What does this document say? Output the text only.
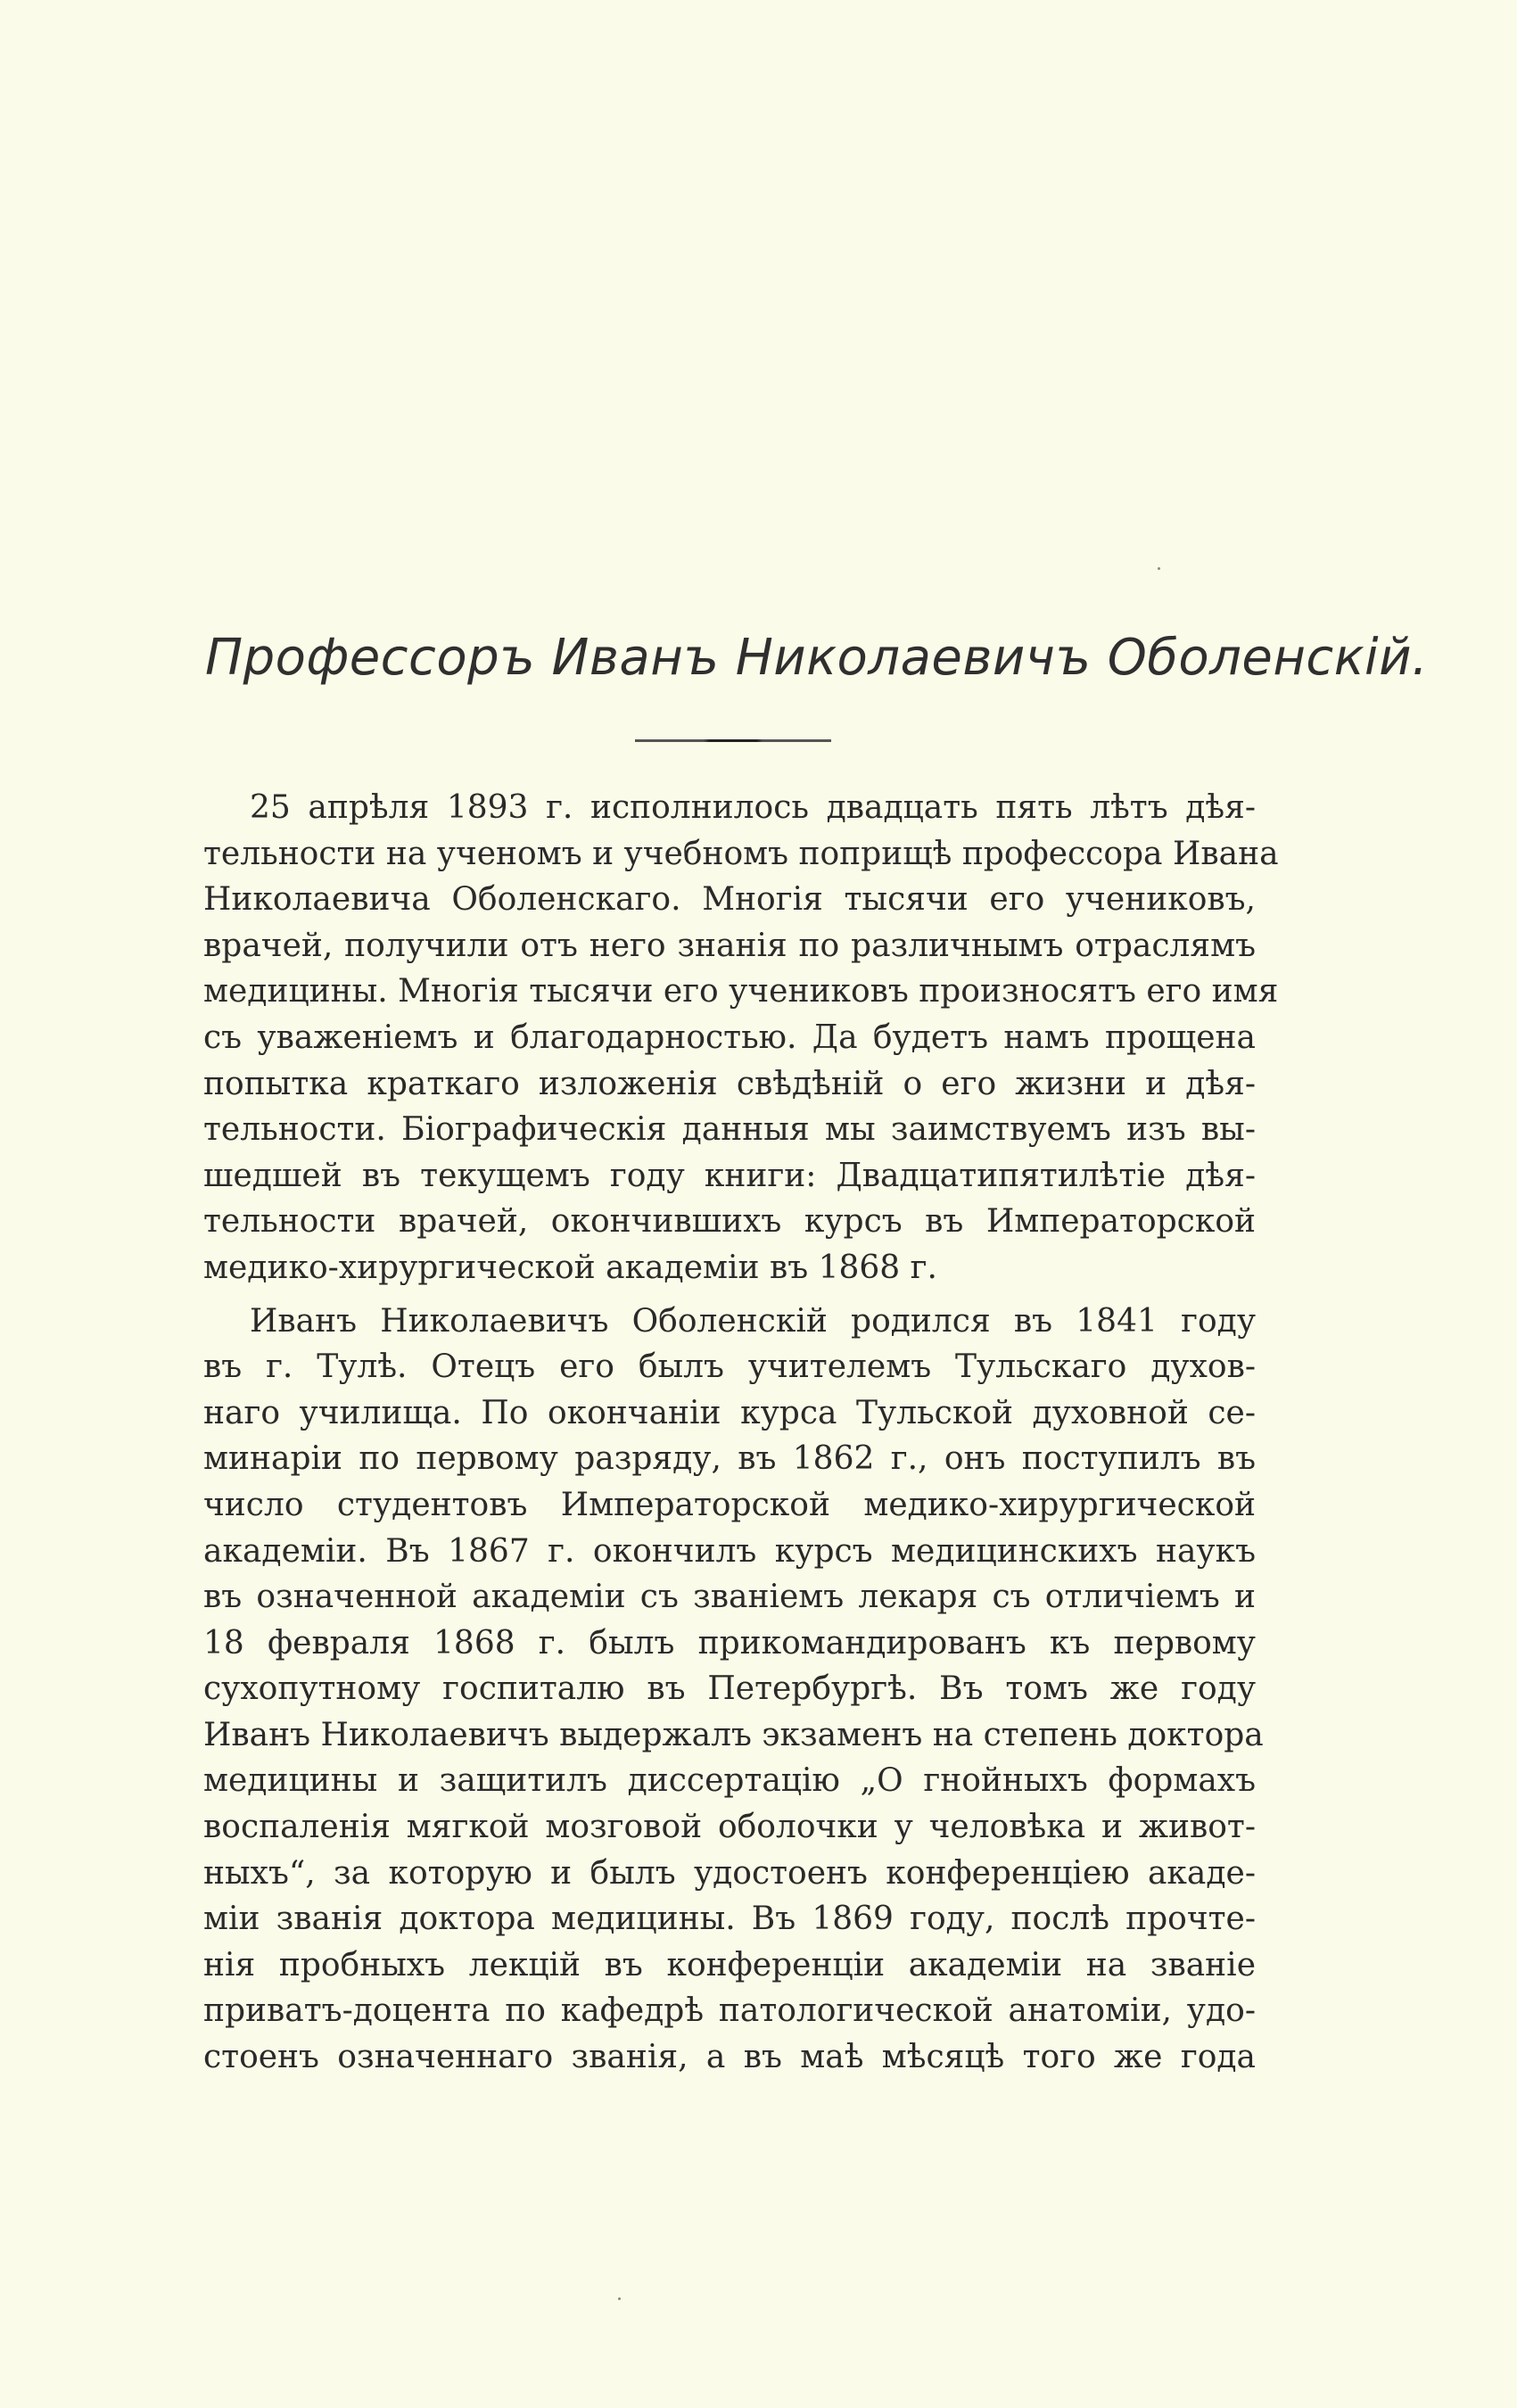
Профессоръ Иванъ Николаевичъ Оболенскій.
25 апрѣля 1893 г. исполнилось двадцать пять лѣтъ дѣя-
тельности на ученомъ и учебномъ поприщѣ профессора Ивана
Николаевича Оболенскаго. Многія тысячи его учениковъ,
врачей, получили отъ него знанія по различнымъ отраслямъ
медицины. Многія тысячи его учениковъ произносятъ его имя
съ уваженіемъ и благодарностью. Да будетъ намъ прощена
попытка краткаго изложенія свѣдѣній о его жизни и дѣя-
тельности. Біографическія данныя мы заимствуемъ изъ вы-
шедшей въ текущемъ году книги: Двадцатипятилѣтіе дѣя-
тельности врачей, окончившихъ курсъ въ Императорской
медико-хирургической академіи въ 1868 г.
Иванъ Николаевичъ Оболенскій родился въ 1841 году
въ г. Тулѣ. Отецъ его былъ учителемъ Тульскаго духов-
наго училища. По окончаніи курса Тульской духовной се-
минаріи по первому разряду, въ 1862 г., онъ поступилъ въ
число студентовъ Императорской медико-хирургической
академіи. Въ 1867 г. окончилъ курсъ медицинскихъ наукъ
въ означенной академіи съ званіемъ лекаря съ отличіемъ и
18 февраля 1868 г. былъ прикомандированъ къ первому
сухопутному госпиталю въ Петербургѣ. Въ томъ же году
Иванъ Николаевичъ выдержалъ экзаменъ на степень доктора
медицины и защитилъ диссертацію „О гнойныхъ формахъ
воспаленія мягкой мозговой оболочки у человѣка и живот-
ныхъ“, за которую и былъ удостоенъ конференціею акаде-
міи званія доктора медицины. Въ 1869 году, послѣ прочте-
нія пробныхъ лекцій въ конференціи академіи на званіе
приватъ-доцента по кафедрѣ патологической анатоміи, удо-
стоенъ означеннаго званія, а въ маѣ мѣсяцѣ того же года
